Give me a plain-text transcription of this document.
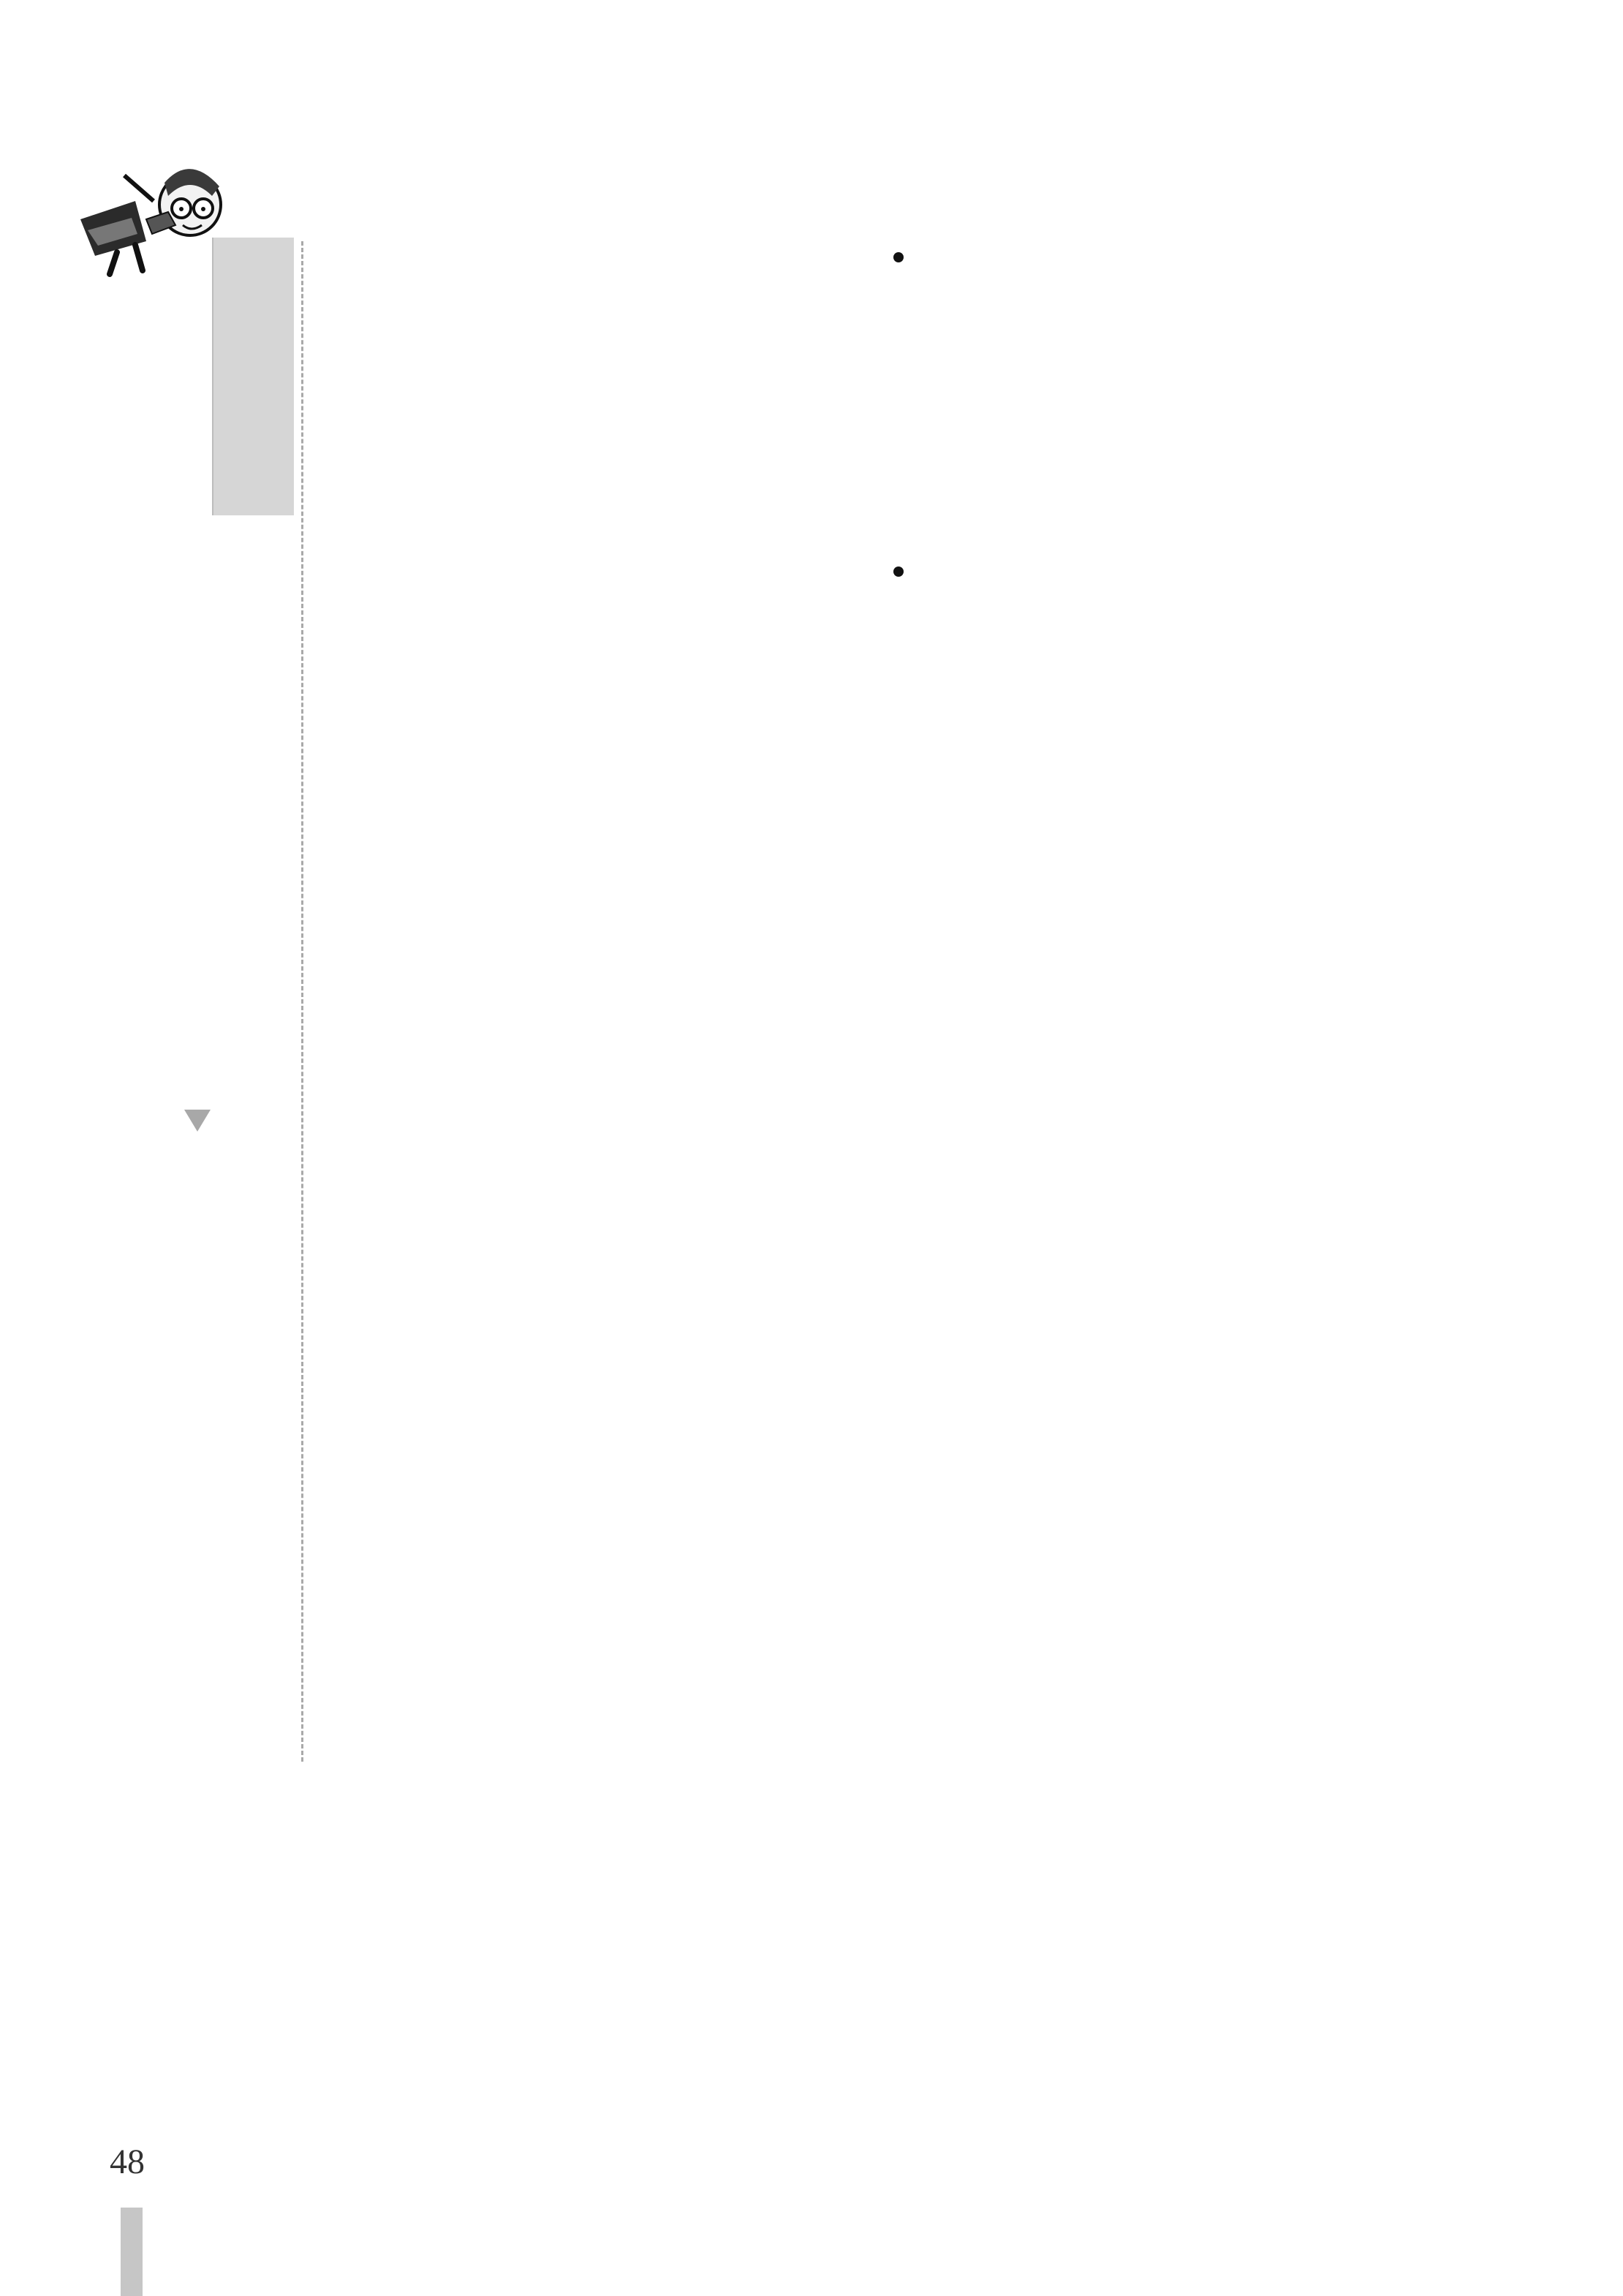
48
